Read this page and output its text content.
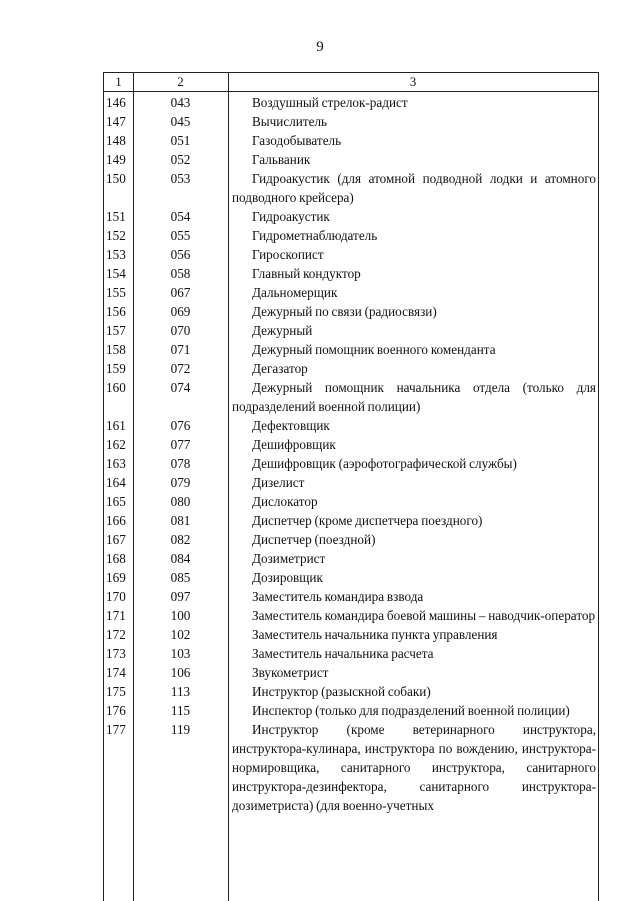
9
1	2	3
146	043	Воздушный стрелок-радист
147	045	Вычислитель
148	051	Газодобыватель
149	052	Гальваник
150	053	Гидроакустик (для атомной подводной лодки и атомного подводного крейсера)
151	054	Гидроакустик
152	055	Гидрометнаблюдатель
153	056	Гироскопист
154	058	Главный кондуктор
155	067	Дальномерщик
156	069	Дежурный по связи (радиосвязи)
157	070	Дежурный
158	071	Дежурный помощник военного коменданта
159	072	Дегазатор
160	074	Дежурный помощник начальника отдела (только для подразделений военной полиции)
161	076	Дефектовщик
162	077	Дешифровщик
163	078	Дешифровщик (аэрофотографической службы)
164	079	Дизелист
165	080	Дислокатор
166	081	Диспетчер (кроме диспетчера поездного)
167	082	Диспетчер (поездной)
168	084	Дозиметрист
169	085	Дозировщик
170	097	Заместитель командира взвода
171	100	Заместитель командира боевой машины – наводчик-оператор
172	102	Заместитель начальника пункта управления
173	103	Заместитель начальника расчета
174	106	Звукометрист
175	113	Инструктор (разыскной собаки)
176	115	Инспектор (только для подразделений военной полиции)
177	119	Инструктор (кроме ветеринарного инструктора, инструктора-кулинара, инструктора по вождению, инструктора-нормировщика, санитарного инструктора, санитарного инструктора-дезинфектора, санитарного инструктора-дозиметриста) (для военно-учетных
